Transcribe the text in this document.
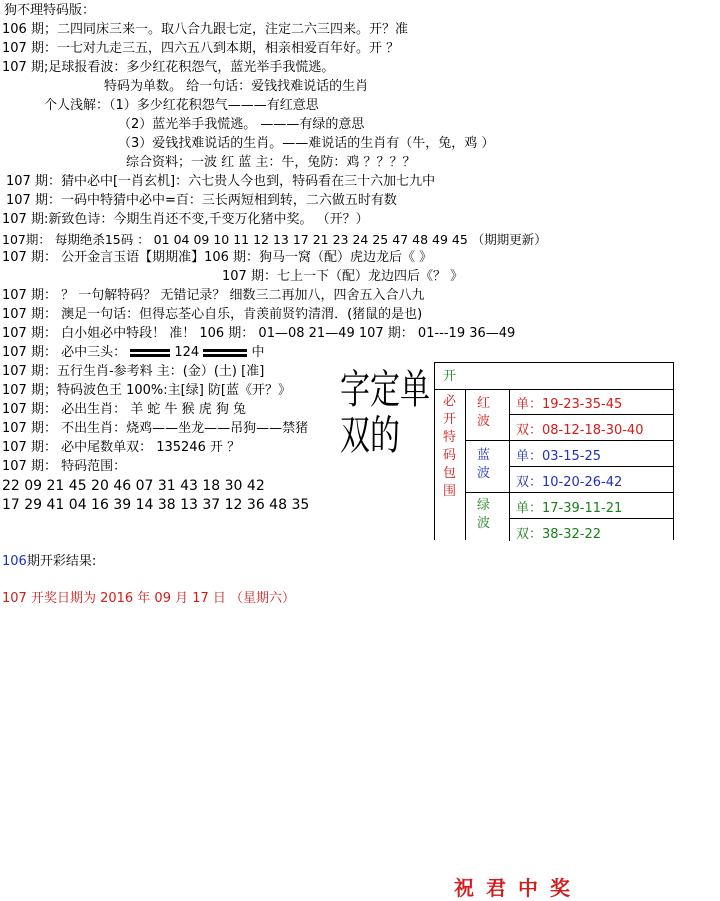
狗不理特码版：
106 期；二四同床三来一。取八合九跟七定，注定二六三四来。开？准
107 期：一七对九走三五，四六五八到本期，相亲相爱百年好。开 ？
107 期;足球报看波：多少红花积怨气，蓝光举手我慌逃。
特码为单数。 给一句话：爱钱找难说话的生肖
个人浅解：（1）多少红花积怨气———有红意思
（2）蓝光举手我慌逃。 ———有绿的意思
（3）爱钱找难说话的生肖。——难说话的生肖有（牛，兔，鸡 ）
综合资料；一波 红 蓝 主：牛，兔防：鸡 ？？？？
107 期：猜中必中[一肖玄机]：六七贵人今也到，特码看在三十六加七九中
107 期：一码中特猜中必中=百：三长两短相到转，二六做五时有数
107 期:新致色诗：今期生肖还不变,千变万化猪中奖。 （开？）
107期： 每期绝杀15码 ： 01 04 09 10 11 12 13 17 21 23 24 25 47 48 49 45 （期期更新）
107 期： 公开金言玉语【期期准】106 期：狗马一窝（配）虎边龙后《 》
107 期：七上一下（配）龙边四后《？ 》
107 期： ？ 一句解特码？ 无错记录？ 细数三二再加八，四舍五入合八九
107 期： 澳足一句话：但得忘荃心自乐，肯羡前贤钓清渭．(猪鼠的是也)
107 期： 白小姐必中特段！ 准！ 106 期： 01—08 21—49 107 期： 01---19 36—49
107 期： 必中三头：	124	中
107 期：五行生肖-参考料 主：(金）(土) [准]
107 期；特码波色王 100%:主[绿] 防[蓝《开？》
107 期： 必出生肖： 羊 蛇 牛 猴 虎 狗 兔
107 期： 不出生肖：烧鸡——坐龙——吊狗——禁猪
107 期： 必中尾数单双： 135246 开 ？
107 期： 特码范围：
22 09 21 45 20 46 07 31 43 18 30 42
17 29 41 04 16 39 14 38 13 37 12 36 48 35
字定单双的
开
必开特码包围
红波
蓝波
绿波
单：19-23-35-45
双：08-12-18-30-40
单：03-15-25
双：10-20-26-42
单：17-39-11-21
双：38-32-22
106期开彩结果:
107 开奖日期为 2016 年 09 月 17 日 （星期六）
祝君中奖
